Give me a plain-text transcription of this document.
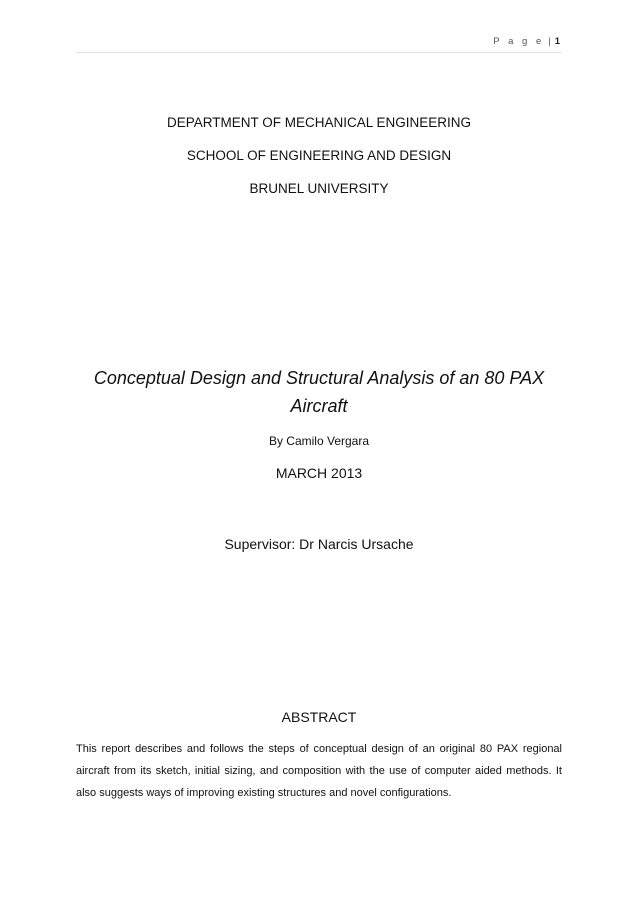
P a g e | 1
DEPARTMENT OF MECHANICAL ENGINEERING
SCHOOL OF ENGINEERING AND DESIGN
BRUNEL UNIVERSITY
Conceptual Design and Structural Analysis of an 80 PAX Aircraft
By Camilo Vergara
MARCH 2013
Supervisor: Dr Narcis Ursache
ABSTRACT
This report describes and follows the steps of conceptual design of an original 80 PAX regional aircraft from its sketch, initial sizing, and composition with the use of computer aided methods. It also suggests ways of improving existing structures and novel configurations.
